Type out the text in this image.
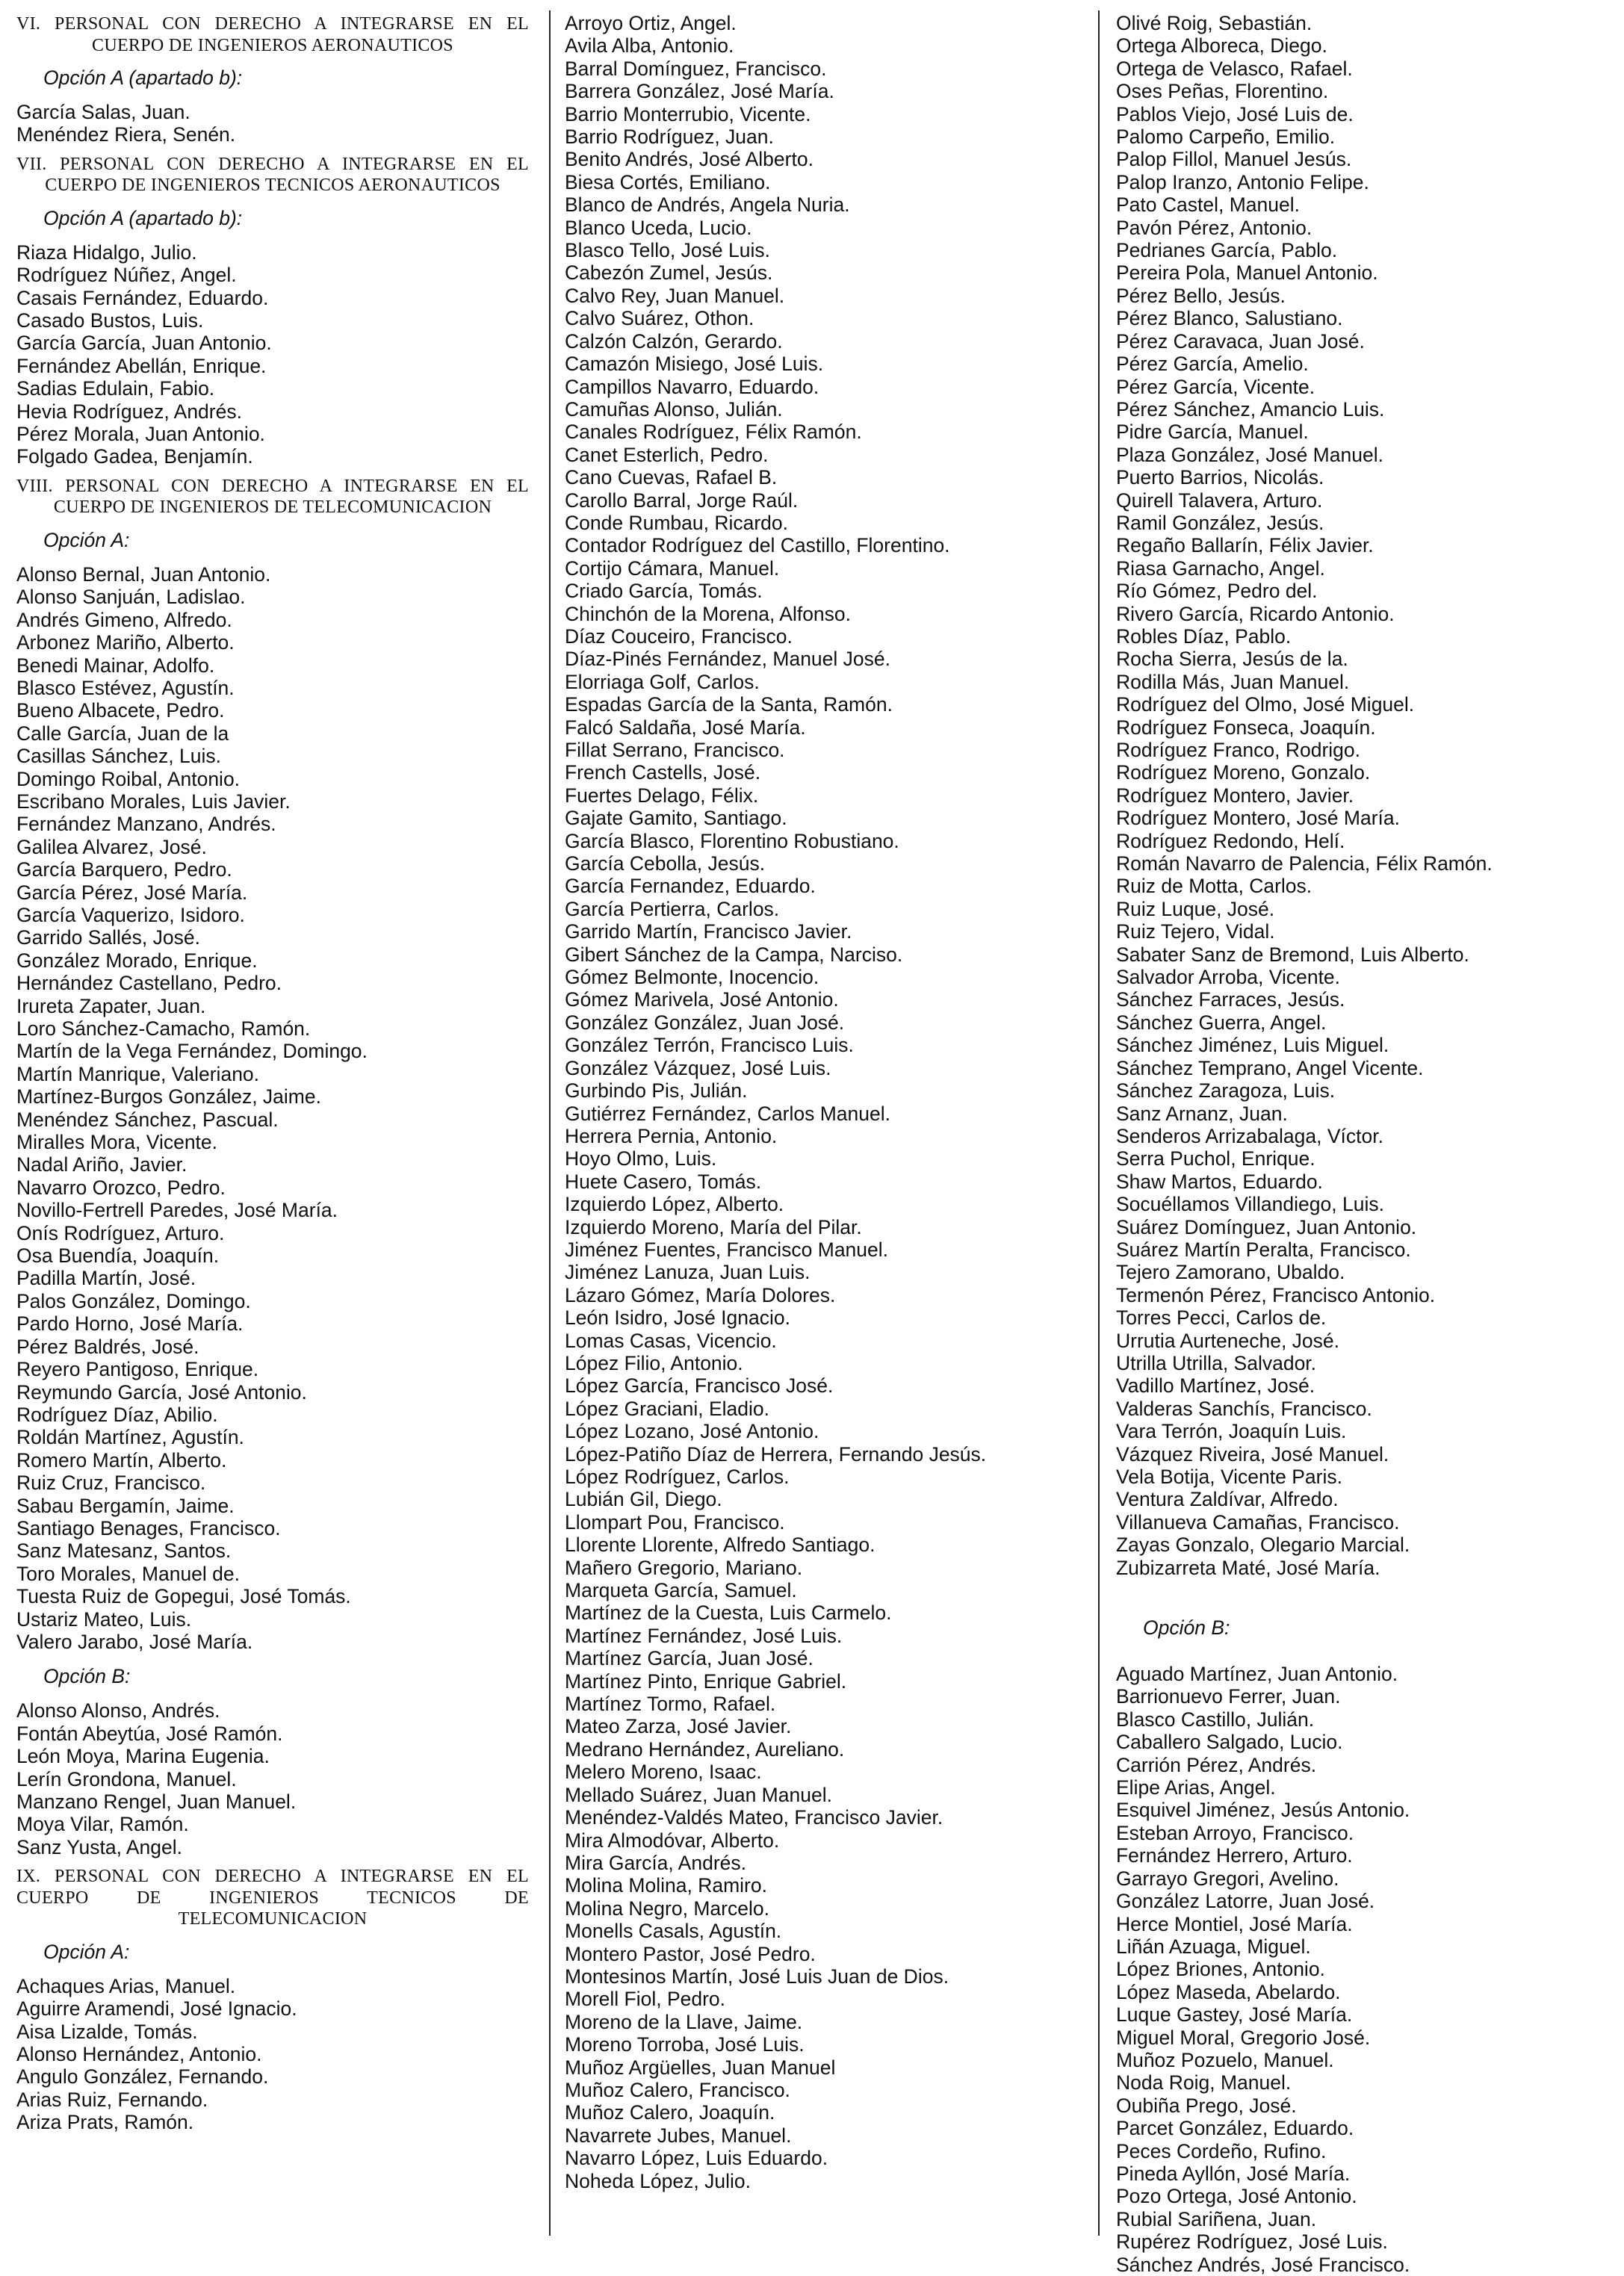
VI. PERSONAL CON DERECHO A INTEGRARSE EN EL CUERPO DE INGENIEROS AERONAUTICOS
Opción A (apartado b):
García Salas, Juan.
Menéndez Riera, Senén.
VII. PERSONAL CON DERECHO A INTEGRARSE EN EL CUERPO DE INGENIEROS TECNICOS AERONAUTICOS
Opción A (apartado b):
Riaza Hidalgo, Julio.
Rodríguez Núñez, Angel.
Casais Fernández, Eduardo.
Casado Bustos, Luis.
García García, Juan Antonio.
Fernández Abellán, Enrique.
Sadias Edulain, Fabio.
Hevia Rodríguez, Andrés.
Pérez Morala, Juan Antonio.
Folgado Gadea, Benjamín.
VIII. PERSONAL CON DERECHO A INTEGRARSE EN EL CUERPO DE INGENIEROS DE TELECOMUNICACION
Opción A:
Alonso Bernal, Juan Antonio.
Alonso Sanjuán, Ladislao.
Andrés Gimeno, Alfredo.
Arbonez Mariño, Alberto.
Benedi Mainar, Adolfo.
Blasco Estévez, Agustín.
Bueno Albacete, Pedro.
Calle García, Juan de la
Casillas Sánchez, Luis.
Domingo Roibal, Antonio.
Escribano Morales, Luis Javier.
Fernández Manzano, Andrés.
Galilea Alvarez, José.
García Barquero, Pedro.
García Pérez, José María.
García Vaquerizo, Isidoro.
Garrido Sallés, José.
González Morado, Enrique.
Hernández Castellano, Pedro.
Irureta Zapater, Juan.
Loro Sánchez-Camacho, Ramón.
Martín de la Vega Fernández, Domingo.
Martín Manrique, Valeriano.
Martínez-Burgos González, Jaime.
Menéndez Sánchez, Pascual.
Miralles Mora, Vicente.
Nadal Ariño, Javier.
Navarro Orozco, Pedro.
Novillo-Fertrell Paredes, José María.
Onís Rodríguez, Arturo.
Osa Buendía, Joaquín.
Padilla Martín, José.
Palos González, Domingo.
Pardo Horno, José María.
Pérez Baldrés, José.
Reyero Pantigoso, Enrique.
Reymundo García, José Antonio.
Rodríguez Díaz, Abilio.
Roldán Martínez, Agustín.
Romero Martín, Alberto.
Ruiz Cruz, Francisco.
Sabau Bergamín, Jaime.
Santiago Benages, Francisco.
Sanz Matesanz, Santos.
Toro Morales, Manuel de.
Tuesta Ruiz de Gopegui, José Tomás.
Ustariz Mateo, Luis.
Valero Jarabo, José María.
Opción B:
Alonso Alonso, Andrés.
Fontán Abeytúa, José Ramón.
León Moya, Marina Eugenia.
Lerín Grondona, Manuel.
Manzano Rengel, Juan Manuel.
Moya Vilar, Ramón.
Sanz Yusta, Angel.
IX. PERSONAL CON DERECHO A INTEGRARSE EN EL CUERPO DE INGENIEROS TECNICOS DE TELECOMUNICACION
Opción A:
Achaques Arias, Manuel.
Aguirre Aramendi, José Ignacio.
Aisa Lizalde, Tomás.
Alonso Hernández, Antonio.
Angulo González, Fernando.
Arias Ruiz, Fernando.
Ariza Prats, Ramón.
Arroyo Ortiz, Angel.
Avila Alba, Antonio.
Barral Domínguez, Francisco.
Barrera González, José María.
Barrio Monterrubio, Vicente.
Barrio Rodríguez, Juan.
Benito Andrés, José Alberto.
Biesa Cortés, Emiliano.
Blanco de Andrés, Angela Nuria.
Blanco Uceda, Lucio.
Blasco Tello, José Luis.
Cabezón Zumel, Jesús.
Calvo Rey, Juan Manuel.
Calvo Suárez, Othon.
Calzón Calzón, Gerardo.
Camazón Misiego, José Luis.
Campillos Navarro, Eduardo.
Camuñas Alonso, Julián.
Canales Rodríguez, Félix Ramón.
Canet Esterlich, Pedro.
Cano Cuevas, Rafael B.
Carollo Barral, Jorge Raúl.
Conde Rumbau, Ricardo.
Contador Rodríguez del Castillo, Florentino.
Cortijo Cámara, Manuel.
Criado García, Tomás.
Chinchón de la Morena, Alfonso.
Díaz Couceiro, Francisco.
Díaz-Pinés Fernández, Manuel José.
Elorriaga Golf, Carlos.
Espadas García de la Santa, Ramón.
Falcó Saldaña, José María.
Fillat Serrano, Francisco.
French Castells, José.
Fuertes Delago, Félix.
Gajate Gamito, Santiago.
García Blasco, Florentino Robustiano.
García Cebolla, Jesús.
García Fernandez, Eduardo.
García Pertierra, Carlos.
Garrido Martín, Francisco Javier.
Gibert Sánchez de la Campa, Narciso.
Gómez Belmonte, Inocencio.
Gómez Marivela, José Antonio.
González González, Juan José.
González Terrón, Francisco Luis.
González Vázquez, José Luis.
Gurbindo Pis, Julián.
Gutiérrez Fernández, Carlos Manuel.
Herrera Pernia, Antonio.
Hoyo Olmo, Luis.
Huete Casero, Tomás.
Izquierdo López, Alberto.
Izquierdo Moreno, María del Pilar.
Jiménez Fuentes, Francisco Manuel.
Jiménez Lanuza, Juan Luis.
Lázaro Gómez, María Dolores.
León Isidro, José Ignacio.
Lomas Casas, Vicencio.
López Filio, Antonio.
López García, Francisco José.
López Graciani, Eladio.
López Lozano, José Antonio.
López-Patiño Díaz de Herrera, Fernando Jesús.
López Rodríguez, Carlos.
Lubián Gil, Diego.
Llompart Pou, Francisco.
Llorente Llorente, Alfredo Santiago.
Mañero Gregorio, Mariano.
Marqueta García, Samuel.
Martínez de la Cuesta, Luis Carmelo.
Martínez Fernández, José Luis.
Martínez García, Juan José.
Martínez Pinto, Enrique Gabriel.
Martínez Tormo, Rafael.
Mateo Zarza, José Javier.
Medrano Hernández, Aureliano.
Melero Moreno, Isaac.
Mellado Suárez, Juan Manuel.
Menéndez-Valdés Mateo, Francisco Javier.
Mira Almodóvar, Alberto.
Mira García, Andrés.
Molina Molina, Ramiro.
Molina Negro, Marcelo.
Monells Casals, Agustín.
Montero Pastor, José Pedro.
Montesinos Martín, José Luis Juan de Dios.
Morell Fiol, Pedro.
Moreno de la Llave, Jaime.
Moreno Torroba, José Luis.
Muñoz Argüelles, Juan Manuel
Muñoz Calero, Francisco.
Muñoz Calero, Joaquín.
Navarrete Jubes, Manuel.
Navarro López, Luis Eduardo.
Noheda López, Julio.
Olivé Roig, Sebastián.
Ortega Alboreca, Diego.
Ortega de Velasco, Rafael.
Oses Peñas, Florentino.
Pablos Viejo, José Luis de.
Palomo Carpeño, Emilio.
Palop Fillol, Manuel Jesús.
Palop Iranzo, Antonio Felipe.
Pato Castel, Manuel.
Pavón Pérez, Antonio.
Pedrianes García, Pablo.
Pereira Pola, Manuel Antonio.
Pérez Bello, Jesús.
Pérez Blanco, Salustiano.
Pérez Caravaca, Juan José.
Pérez García, Amelio.
Pérez García, Vicente.
Pérez Sánchez, Amancio Luis.
Pidre García, Manuel.
Plaza González, José Manuel.
Puerto Barrios, Nicolás.
Quirell Talavera, Arturo.
Ramil González, Jesús.
Regaño Ballarín, Félix Javier.
Riasa Garnacho, Angel.
Río Gómez, Pedro del.
Rivero García, Ricardo Antonio.
Robles Díaz, Pablo.
Rocha Sierra, Jesús de la.
Rodilla Más, Juan Manuel.
Rodríguez del Olmo, José Miguel.
Rodríguez Fonseca, Joaquín.
Rodríguez Franco, Rodrigo.
Rodríguez Moreno, Gonzalo.
Rodríguez Montero, Javier.
Rodríguez Montero, José María.
Rodríguez Redondo, Helí.
Román Navarro de Palencia, Félix Ramón.
Ruiz de Motta, Carlos.
Ruiz Luque, José.
Ruiz Tejero, Vidal.
Sabater Sanz de Bremond, Luis Alberto.
Salvador Arroba, Vicente.
Sánchez Farraces, Jesús.
Sánchez Guerra, Angel.
Sánchez Jiménez, Luis Miguel.
Sánchez Temprano, Angel Vicente.
Sánchez Zaragoza, Luis.
Sanz Arnanz, Juan.
Senderos Arrizabalaga, Víctor.
Serra Puchol, Enrique.
Shaw Martos, Eduardo.
Socuéllamos Villandiego, Luis.
Suárez Domínguez, Juan Antonio.
Suárez Martín Peralta, Francisco.
Tejero Zamorano, Ubaldo.
Termenón Pérez, Francisco Antonio.
Torres Pecci, Carlos de.
Urrutia Aurteneche, José.
Utrilla Utrilla, Salvador.
Vadillo Martínez, José.
Valderas Sanchís, Francisco.
Vara Terrón, Joaquín Luis.
Vázquez Riveira, José Manuel.
Vela Botija, Vicente Paris.
Ventura Zaldívar, Alfredo.
Villanueva Camañas, Francisco.
Zayas Gonzalo, Olegario Marcial.
Zubizarreta Maté, José María.
Opción B:
Aguado Martínez, Juan Antonio.
Barrionuevo Ferrer, Juan.
Blasco Castillo, Julián.
Caballero Salgado, Lucio.
Carrión Pérez, Andrés.
Elipe Arias, Angel.
Esquivel Jiménez, Jesús Antonio.
Esteban Arroyo, Francisco.
Fernández Herrero, Arturo.
Garrayo Gregori, Avelino.
González Latorre, Juan José.
Herce Montiel, José María.
Liñán Azuaga, Miguel.
López Briones, Antonio.
López Maseda, Abelardo.
Luque Gastey, José María.
Miguel Moral, Gregorio José.
Muñoz Pozuelo, Manuel.
Noda Roig, Manuel.
Oubiña Prego, José.
Parcet González, Eduardo.
Peces Cordeño, Rufino.
Pineda Ayllón, José María.
Pozo Ortega, José Antonio.
Rubial Sariñena, Juan.
Rupérez Rodríguez, José Luis.
Sánchez Andrés, José Francisco.
